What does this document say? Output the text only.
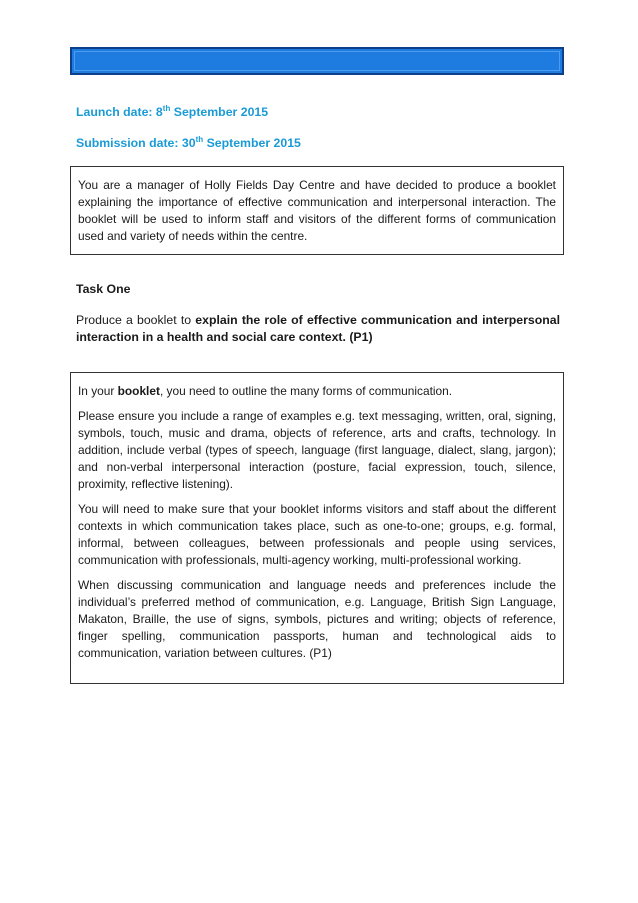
Launch date: 8th September 2015
Submission date: 30th September 2015

You are a manager of Holly Fields Day Centre and have decided to produce a booklet explaining the importance of effective communication and interpersonal interaction. The booklet will be used to inform staff and visitors of the different forms of communication used and variety of needs within the centre.

Task One
Produce a booklet to explain the role of effective communication and interpersonal interaction in a health and social care context. (P1)

In your booklet, you need to outline the many forms of communication.

Please ensure you include a range of examples e.g. text messaging, written, oral, signing, symbols, touch, music and drama, objects of reference, arts and crafts, technology. In addition, include verbal (types of speech, language (first language, dialect, slang, jargon); and non-verbal interpersonal interaction (posture, facial expression, touch, silence, proximity, reflective listening).

You will need to make sure that your booklet informs visitors and staff about the different contexts in which communication takes place, such as one-to-one; groups, e.g. formal, informal, between colleagues, between professionals and people using services, communication with professionals, multi-agency working, multi-professional working.

When discussing communication and language needs and preferences include the individual’s preferred method of communication, e.g. Language, British Sign Language, Makaton, Braille, the use of signs, symbols, pictures and writing; objects of reference, finger spelling, communication passports, human and technological aids to communication, variation between cultures. (P1)
